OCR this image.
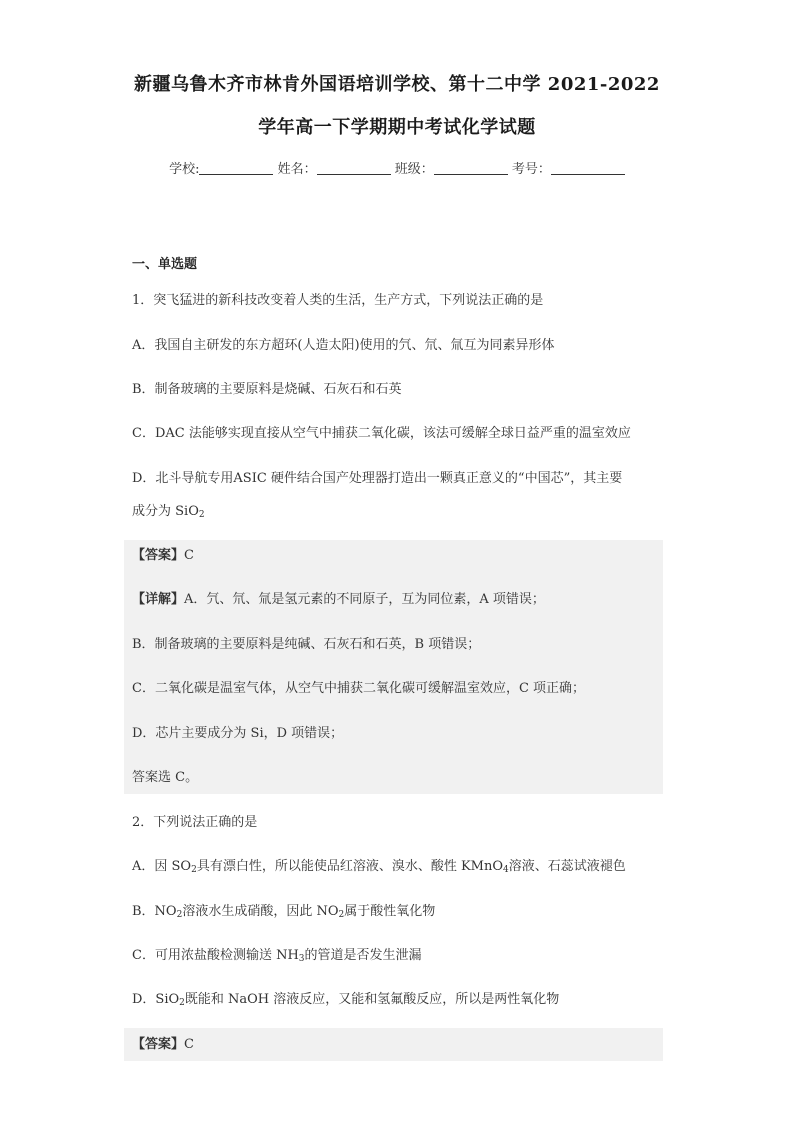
新疆乌鲁木齐市林肯外国语培训学校、第十二中学 2021-2022
学年高一下学期期中考试化学试题
学校:	姓名：	班级：	考号：
一、单选题
1．突飞猛进的新科技改变着人类的生活，生产方式，下列说法正确的是
A．我国自主研发的东方超环(人造太阳)使用的氕、氘、氚互为同素异形体
B．制备玻璃的主要原料是烧碱、石灰石和石英
C．DAC 法能够实现直接从空气中捕获二氧化碳，该法可缓解全球日益严重的温室效应
D．北斗导航专用ASIC 硬件结合国产处理器打造出一颗真正意义的“中国芯”，其主要
成分为 SiO$_2$
【答案】C
【详解】A．氕、氘、氚是氢元素的不同原子，互为同位素，A 项错误；
B．制备玻璃的主要原料是纯碱、石灰石和石英，B 项错误；
C．二氧化碳是温室气体，从空气中捕获二氧化碳可缓解温室效应，C 项正确；
D．芯片主要成分为 Si，D 项错误；
答案选 C。
2．下列说法正确的是
A．因 $SO_2$具有漂白性，所以能使品红溶液、溴水、酸性 KMnO$_4$溶液、石蕊试液褪色
B．$NO_2$溶液水生成硝酸，因此 $NO_2$属于酸性氧化物
C．可用浓盐酸检测输送 $NH_3$的管道是否发生泄漏
D．SiO$_2$既能和 NaOH 溶液反应，又能和氢氟酸反应，所以是两性氧化物
【答案】C
